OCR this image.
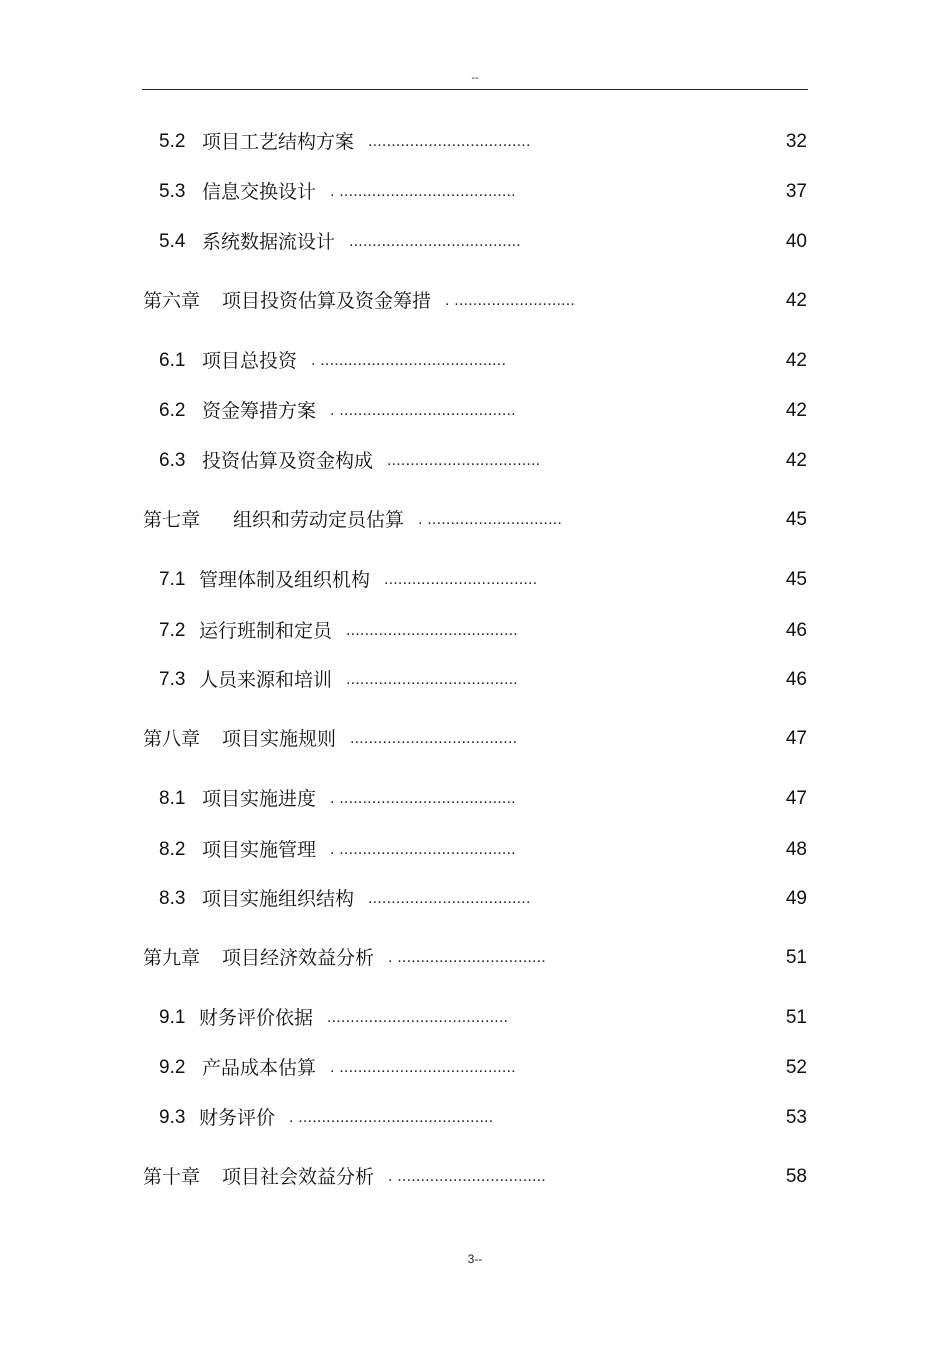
--
5.2 项目工艺结构方案 ...................................	32
5.3 信息交换设计 . ......................................	37
5.4 系统数据流设计 .....................................	40
第六章 项目投资估算及资金筹措 . ..........................	42
6.1 项目总投资 . ........................................	42
6.2 资金筹措方案 . ......................................	42
6.3 投资估算及资金构成 .................................	42
第七章 组织和劳动定员估算 . .............................	45
7.1 管理体制及组织机构 .................................	45
7.2 运行班制和定员 .....................................	46
7.3 人员来源和培训 .....................................	46
第八章 项目实施规则 ....................................	47
8.1 项目实施进度 . ......................................	47
8.2 项目实施管理 . ......................................	48
8.3 项目实施组织结构 ...................................	49
第九章 项目经济效益分析 . ................................	51
9.1 财务评价依据 .......................................	51
9.2 产品成本估算 . ......................................	52
9.3 财务评价 . ..........................................	53
第十章 项目社会效益分析 . ................................	58
3--
